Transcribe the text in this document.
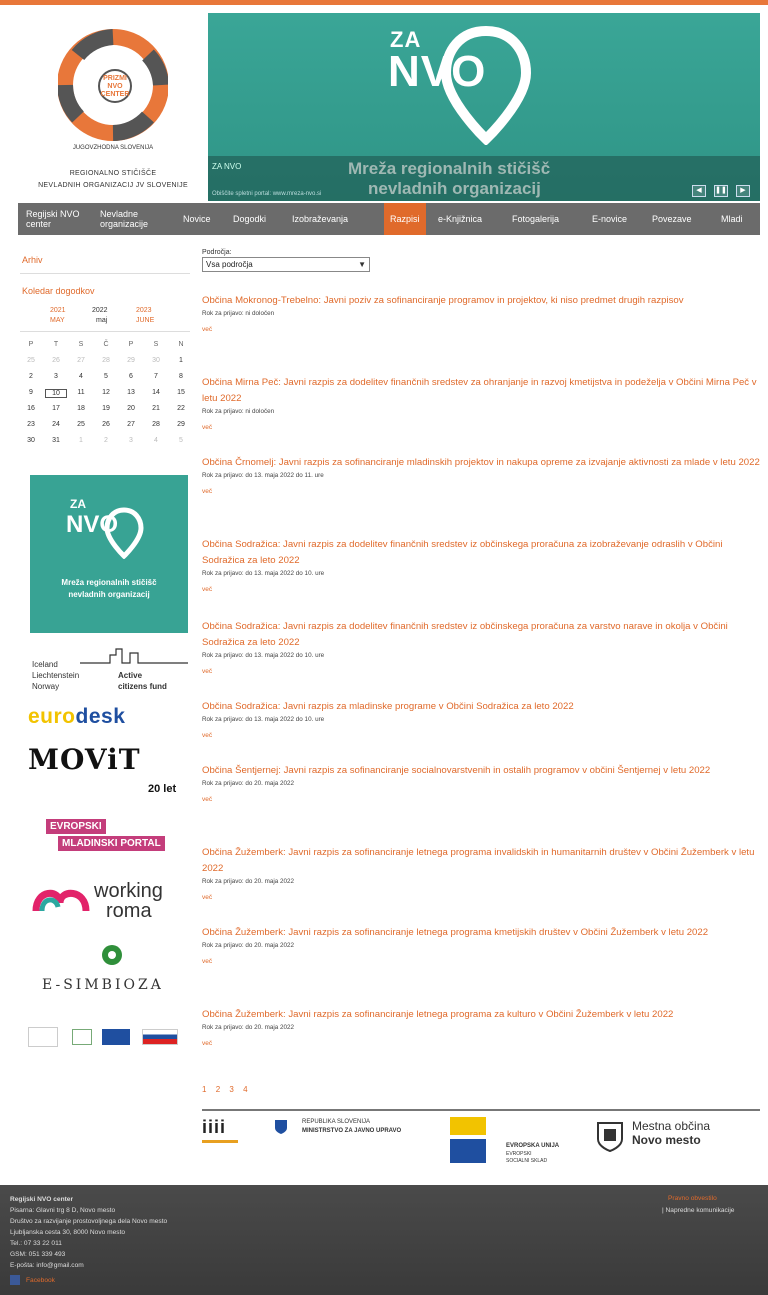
JUGOVZHODNA SLOVENIJA
PRIZMI NVO CENTER
REGIONALNO STIČIŠČE
NEVLADNIH ORGANIZACIJ JV SLOVENIJE
ZA
NVO
ZA NVO
Obiščite spletni portal: www.mreza-nvo.si
Mreža regionalnih stičišč
nevladnih organizacij	◀	❚❚	▶
Regijski NVO center
Nevladne organizacije	Novice Dogodki	Izobraževanja	Razpisi	e-Knjižnica	Fotogalerija	E-novice	Povezave	Mladi
Arhiv
Koledar dogodkov
2021	2022	2023
MAY	maj	JUNE
P	T	S	Č	P	S	N
25	26	27	28	29	30	1
2	3	4	5	6	7	8
9	10	11	12	13	14	15
16	17	18	19	20	21	22
23	24	25	26	27	28	29
30	31	1	2	3	4	5
ZA
NVO
Mreža regionalnih stičišč
nevladnih organizacij
Iceland
Liechtenstein
Norway
Active
citizens fund
eurodesk
MOViT
20 let
EVROPSKI
MLADINSKI PORTAL
working
roma
E-SIMBIOZA
Področja:
Vsa področja	▼
Občina Mokronog-Trebelno: Javni poziv za sofinanciranje programov in projektov, ki niso predmet drugih razpisov
Rok za prijavo: ni določen
več
Občina Mirna Peč: Javni razpis za dodelitev finančnih sredstev za ohranjanje in razvoj kmetijstva in podeželja v Občini Mirna Peč v letu 2022
Rok za prijavo: ni določen
več
Občina Črnomelj: Javni razpis za sofinanciranje mladinskih projektov in nakupa opreme za izvajanje aktivnosti za mlade v letu 2022
Rok za prijavo: do 13. maja 2022 do 11. ure
več
Občina Sodražica: Javni razpis za dodelitev finančnih sredstev iz občinskega proračuna za izobraževanje odraslih v Občini Sodražica za leto 2022
Rok za prijavo: do 13. maja 2022 do 10. ure
več
Občina Sodražica: Javni razpis za dodelitev finančnih sredstev iz občinskega proračuna za varstvo narave in okolja v Občini Sodražica za leto 2022
Rok za prijavo: do 13. maja 2022 do 10. ure
več
Občina Sodražica: Javni razpis za mladinske programe v Občini Sodražica za leto 2022
Rok za prijavo: do 13. maja 2022 do 10. ure
več
Občina Šentjernej: Javni razpis za sofinanciranje socialnovarstvenih in ostalih programov v občini Šentjernej v letu 2022
Rok za prijavo: do 20. maja 2022
več
Občina Žužemberk: Javni razpis za sofinanciranje letnega programa invalidskih in humanitarnih društev v Občini Žužemberk v letu 2022
Rok za prijavo: do 20. maja 2022
več
Občina Žužemberk: Javni razpis za sofinanciranje letnega programa kmetijskih društev v Občini Žužemberk v letu 2022
Rok za prijavo: do 20. maja 2022
več
Občina Žužemberk: Javni razpis za sofinanciranje letnega programa za kulturo v Občini Žužemberk v letu 2022
Rok za prijavo: do 20. maja 2022
več
1 2 3 4
iiii	REPUBLIKA SLOVENIJA
MINISTRSTVO ZA JAVNO UPRAVO
EVROPSKA UNIJA
EVROPSKI
SOCIALNI SKLAD
Mestna občina
Novo mesto
Regijski NVO center
Pisarna: Glavni trg 8 D, Novo mesto
Društvo za razvijanje prostovoljnega dela Novo mesto
Ljubljanska cesta 30, 8000 Novo mesto
Tel.: 07 33 22 011
GSM: 051 339 493
E-pošta: info@gmail.com
Facebook
Pravno obvestilo
| Napredne komunikacije
